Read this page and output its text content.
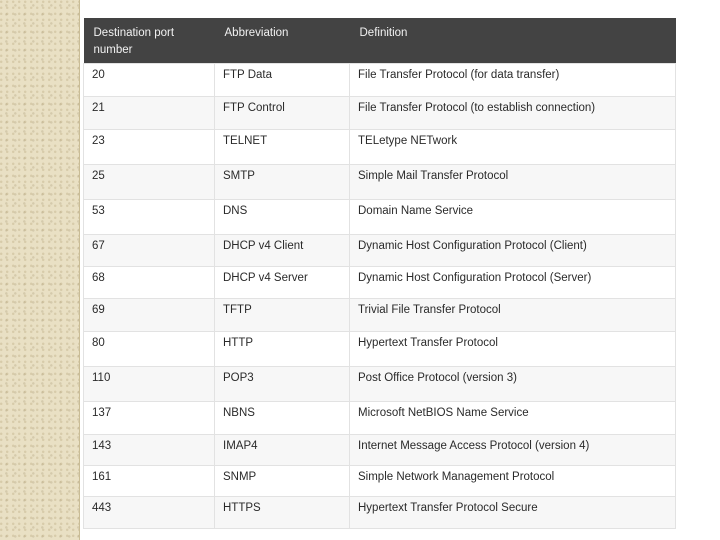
Destination port number	Abbreviation	Definition
20	FTP Data	File Transfer Protocol (for data transfer)
21	FTP Control	File Transfer Protocol (to establish connection)
23	TELNET	TELetype NETwork
25	SMTP	Simple Mail Transfer Protocol
53	DNS	Domain Name Service
67	DHCP v4 Client	Dynamic Host Configuration Protocol (Client)
68	DHCP v4 Server	Dynamic Host Configuration Protocol (Server)
69	TFTP	Trivial File Transfer Protocol
80	HTTP	Hypertext Transfer Protocol
110	POP3	Post Office Protocol (version 3)
137	NBNS	Microsoft NetBIOS Name Service
143	IMAP4	Internet Message Access Protocol (version 4)
161	SNMP	Simple Network Management Protocol
443	HTTPS	Hypertext Transfer Protocol Secure
